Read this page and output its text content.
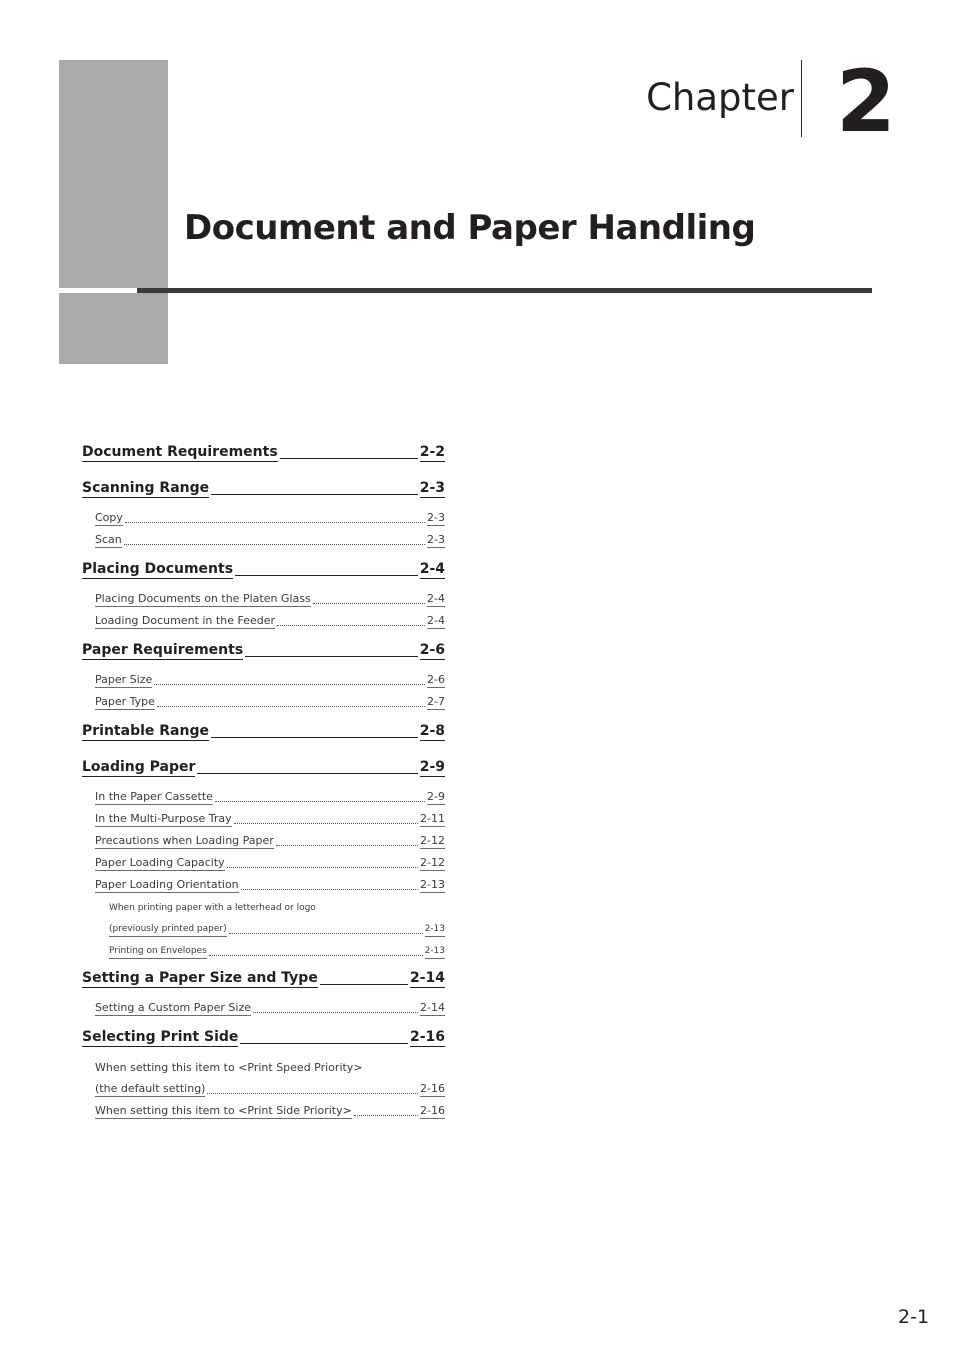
Chapter 2
Document and Paper Handling
Document Requirements	2-2
Scanning Range	2-3
Copy	2-3
Scan	2-3
Placing Documents	2-4
Placing Documents on the Platen Glass	2-4
Loading Document in the Feeder	2-4
Paper Requirements	2-6
Paper Size	2-6
Paper Type	2-7
Printable Range	2-8
Loading Paper	2-9
In the Paper Cassette	2-9
In the Multi-Purpose Tray	2-11
Precautions when Loading Paper	2-12
Paper Loading Capacity	2-12
Paper Loading Orientation	2-13
When printing paper with a letterhead or logo
(previously printed paper)	2-13
Printing on Envelopes	2-13
Setting a Paper Size and Type	2-14
Setting a Custom Paper Size	2-14
Selecting Print Side	2-16
When setting this item to <Print Speed Priority>
(the default setting)	2-16
When setting this item to <Print Side Priority>	2-16
2-1
